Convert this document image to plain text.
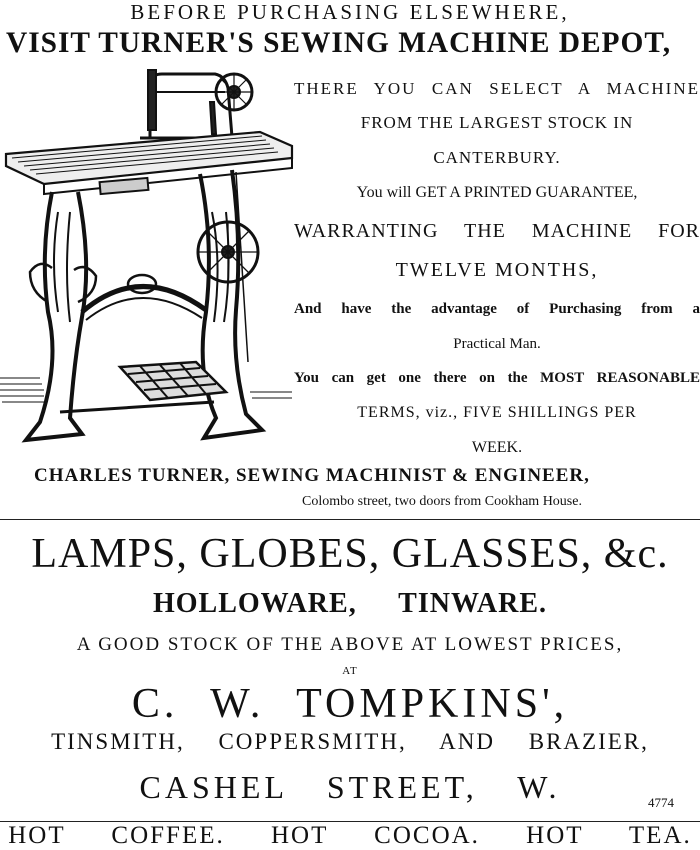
BEFORE PURCHASING ELSEWHERE,
VISIT TURNER'S SEWING MACHINE DEPOT,
THERE YOU CAN SELECT A MACHINE
FROM THE LARGEST STOCK IN
CANTERBURY.
You will GET A PRINTED GUARANTEE,
WARRANTING THE MACHINE FOR
TWELVE MONTHS,
And have the advantage of Purchasing from a
Practical Man.
You can get one there on the MOST REASONABLE
TERMS, viz., FIVE SHILLINGS PER
WEEK.
CHARLES TURNER, SEWING MACHINIST & ENGINEER,
Colombo street, two doors from Cookham House.
LAMPS, GLOBES, GLASSES, &c.
HOLLOWARE, TINWARE.
A GOOD STOCK OF THE ABOVE AT LOWEST PRICES,
AT
C. W. TOMPKINS',
TINSMITH, COPPERSMITH, AND BRAZIER,
CASHEL STREET, W.	4774
HOT COFFEE. HOT COCOA. HOT TEA.
